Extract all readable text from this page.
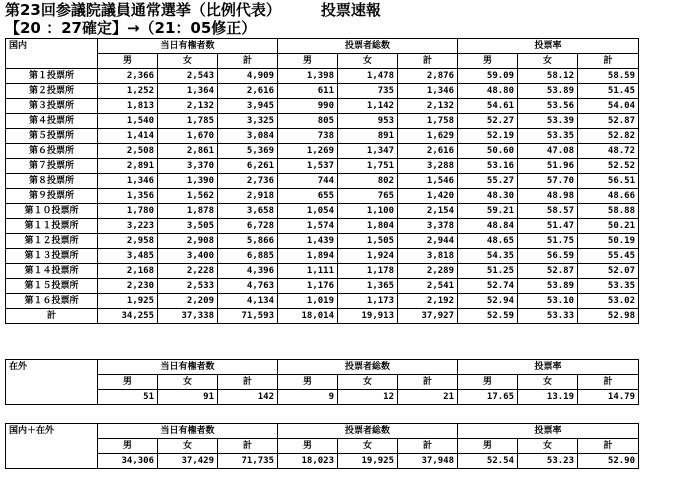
第23回参議院議員通常選挙（比例代表）	投票速報
【20 ：27確定】→（21：05修正）
国内	当日有権者数			投票者総数			投票率		
	男	女	計	男	女	計	男	女	計
第１投票所	2,366	2,543	4,909	1,398	1,478	2,876	59.09	58.12	58.59
第２投票所	1,252	1,364	2,616	611	735	1,346	48.80	53.89	51.45
第３投票所	1,813	2,132	3,945	990	1,142	2,132	54.61	53.56	54.04
第４投票所	1,540	1,785	3,325	805	953	1,758	52.27	53.39	52.87
第５投票所	1,414	1,670	3,084	738	891	1,629	52.19	53.35	52.82
第６投票所	2,508	2,861	5,369	1,269	1,347	2,616	50.60	47.08	48.72
第７投票所	2,891	3,370	6,261	1,537	1,751	3,288	53.16	51.96	52.52
第８投票所	1,346	1,390	2,736	744	802	1,546	55.27	57.70	56.51
第９投票所	1,356	1,562	2,918	655	765	1,420	48.30	48.98	48.66
第１０投票所	1,780	1,878	3,658	1,054	1,100	2,154	59.21	58.57	58.88
第１１投票所	3,223	3,505	6,728	1,574	1,804	3,378	48.84	51.47	50.21
第１２投票所	2,958	2,908	5,866	1,439	1,505	2,944	48.65	51.75	50.19
第１３投票所	3,485	3,400	6,885	1,894	1,924	3,818	54.35	56.59	55.45
第１４投票所	2,168	2,228	4,396	1,111	1,178	2,289	51.25	52.87	52.07
第１５投票所	2,230	2,533	4,763	1,176	1,365	2,541	52.74	53.89	53.35
第１６投票所	1,925	2,209	4,134	1,019	1,173	2,192	52.94	53.10	53.02
計	34,255	37,338	71,593	18,014	19,913	37,927	52.59	53.33	52.98
在外	当日有権者数			投票者総数			投票率		
	男	女	計	男	女	計	男	女	計
	51	91	142	9	12	21	17.65	13.19	14.79
国内＋在外	当日有権者数			投票者総数			投票率		
	男	女	計	男	女	計	男	女	計
	34,306	37,429	71,735	18,023	19,925	37,948	52.54	53.23	52.90
